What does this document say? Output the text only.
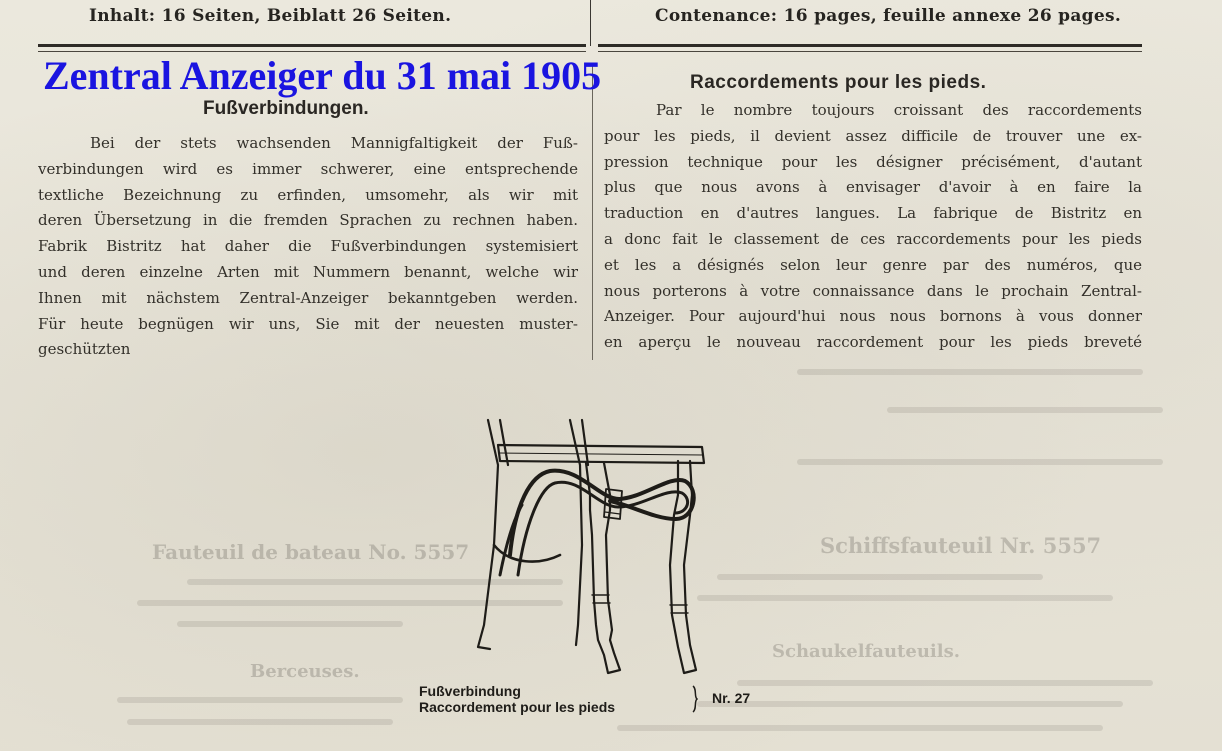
Inhalt: 16 Seiten, Beiblatt 26 Seiten.	Contenance: 16 pages, feuille annexe 26 pages.
Schiffsfauteuil Nr. 5557
Fauteuil de bateau No. 5557
Schaukelfauteuils.
Berceuses.
Zentral Anzeiger du 31 mai 1905
Fußverbindungen.
Raccordements pour les pieds.
Bei der stets wachsenden Mannigfaltigkeit der Fuß-
verbindungen wird es immer schwerer, eine entsprechende
textliche Bezeichnung zu erfinden, umsomehr, als wir mit
deren Übersetzung in die fremden Sprachen zu rechnen haben.
Fabrik Bistritz hat daher die Fußverbindungen systemisiert
und deren einzelne Arten mit Nummern benannt, welche wir
Ihnen mit nächstem Zentral-Anzeiger bekanntgeben werden.
Für heute begnügen wir uns, Sie mit der neuesten muster-
geschützten
Par le nombre toujours croissant des raccordements
pour les pieds, il devient assez difficile de trouver une ex-
pression technique pour les désigner précisément, d'autant
plus que nous avons à envisager d'avoir à en faire la
traduction en d'autres langues. La fabrique de Bistritz en
a donc fait le classement de ces raccordements pour les pieds
et les a désignés selon leur genre par des numéros, que
nous porterons à votre connaissance dans le prochain Zentral-
Anzeiger. Pour aujourd'hui nous nous bornons à vous donner
en aperçu le nouveau raccordement pour les pieds breveté
Fußverbindung
Raccordement pour les pieds
Nr. 27
